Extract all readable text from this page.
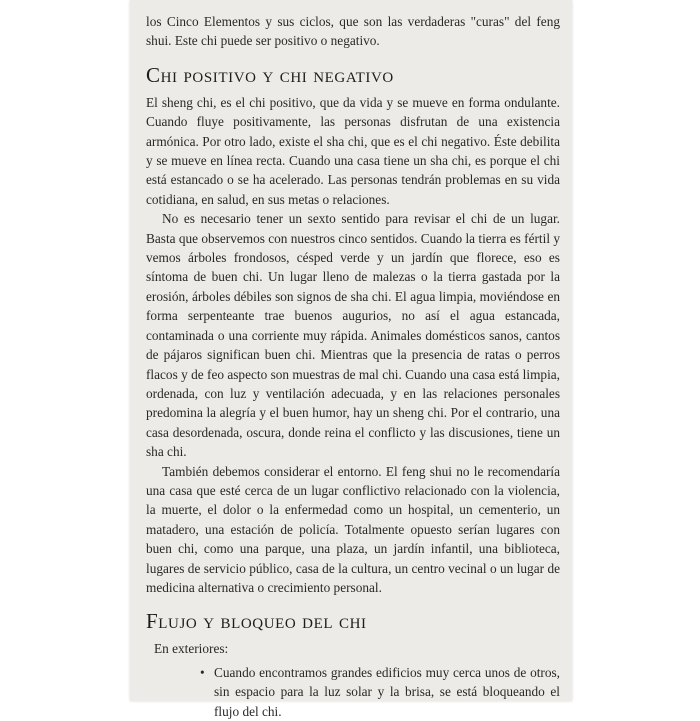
los Cinco Elementos y sus ciclos, que son las verdaderas "curas" del feng shui. Este chi puede ser positivo o negativo.

Chi positivo y chi negativo

El sheng chi, es el chi positivo, que da vida y se mueve en forma ondulante. Cuando fluye positivamente, las personas disfrutan de una existencia armónica. Por otro lado, existe el sha chi, que es el chi negativo. Éste debilita y se mueve en línea recta. Cuando una casa tiene un sha chi, es porque el chi está estancado o se ha acelerado. Las personas tendrán problemas en su vida cotidiana, en salud, en sus metas o relaciones.

No es necesario tener un sexto sentido para revisar el chi de un lugar. Basta que observemos con nuestros cinco sentidos. Cuando la tierra es fértil y vemos árboles frondosos, césped verde y un jardín que florece, eso es síntoma de buen chi. Un lugar lleno de malezas o la tierra gastada por la erosión, árboles débiles son signos de sha chi. El agua limpia, moviéndose en forma serpenteante trae buenos augurios, no así el agua estancada, contaminada o una corriente muy rápida. Animales domésticos sanos, cantos de pájaros significan buen chi. Mientras que la presencia de ratas o perros flacos y de feo aspecto son muestras de mal chi. Cuando una casa está limpia, ordenada, con luz y ventilación adecuada, y en las relaciones personales predomina la alegría y el buen humor, hay un sheng chi. Por el contrario, una casa desordenada, oscura, donde reina el conflicto y las discusiones, tiene un sha chi.

También debemos considerar el entorno. El feng shui no le recomendaría una casa que esté cerca de un lugar conflictivo relacionado con la violencia, la muerte, el dolor o la enfermedad como un hospital, un cementerio, un matadero, una estación de policía. Totalmente opuesto serían lugares con buen chi, como una parque, una plaza, un jardín infantil, una biblioteca, lugares de servicio público, casa de la cultura, un centro vecinal o un lugar de medicina alternativa o crecimiento personal.

Flujo y bloqueo del chi

En exteriores:

• Cuando encontramos grandes edificios muy cerca unos de otros, sin espacio para la luz solar y la brisa, se está bloqueando el flujo del chi.
